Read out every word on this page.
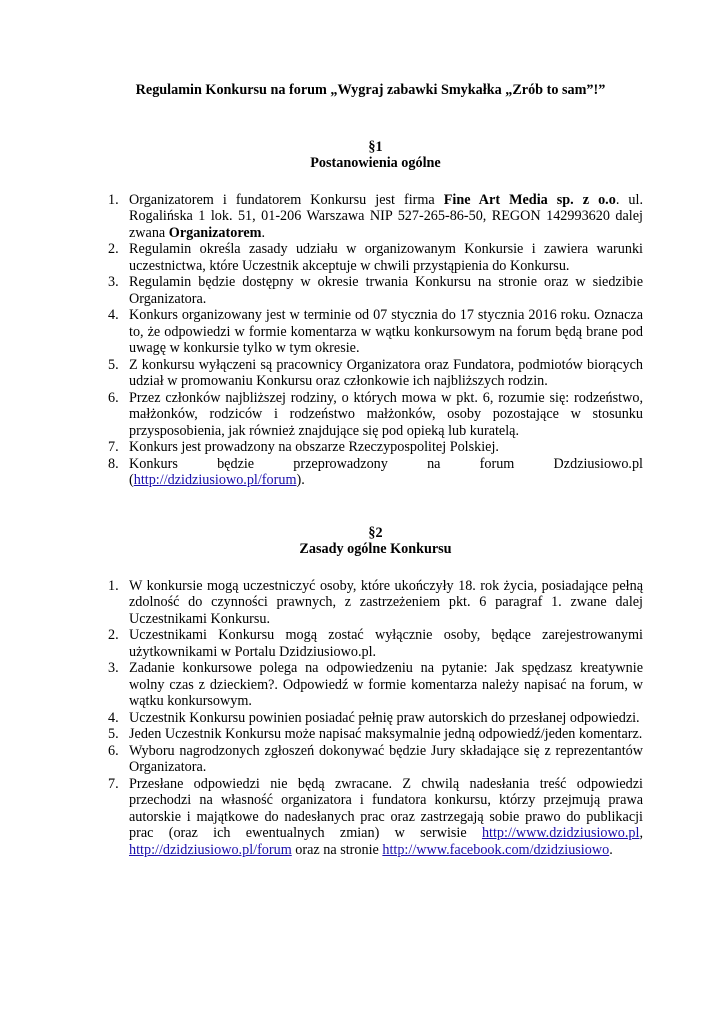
Regulamin Konkursu na forum „Wygraj zabawki Smykałka „Zrób to sam”!”
§1
Postanowienia ogólne
1. Organizatorem i fundatorem Konkursu jest firma Fine Art Media sp. z o.o. ul. Rogalińska 1 lok. 51, 01-206 Warszawa NIP 527-265-86-50, REGON 142993620 dalej zwana Organizatorem.
2. Regulamin określa zasady udziału w organizowanym Konkursie i zawiera warunki uczestnictwa, które Uczestnik akceptuje w chwili przystąpienia do Konkursu.
3. Regulamin będzie dostępny w okresie trwania Konkursu na stronie oraz w siedzibie Organizatora.
4. Konkurs organizowany jest w terminie od 07 stycznia do 17 stycznia 2016 roku. Oznacza to, że odpowiedzi w formie komentarza w wątku konkursowym na forum będą brane pod uwagę w konkursie tylko w tym okresie.
5. Z konkursu wyłączeni są pracownicy Organizatora oraz Fundatora, podmiotów biorących udział w promowaniu Konkursu oraz członkowie ich najbliższych rodzin.
6. Przez członków najbliższej rodziny, o których mowa w pkt. 6, rozumie się: rodzeństwo, małżonków, rodziców i rodzeństwo małżonków, osoby pozostające w stosunku przysposobienia, jak również znajdujące się pod opieką lub kuratelą.
7. Konkurs jest prowadzony na obszarze Rzeczypospolitej Polskiej.
8. Konkurs będzie przeprowadzony na forum Dzdziusiowo.pl
(http://dzidziusiowo.pl/forum).
§2
Zasady ogólne Konkursu
1. W konkursie mogą uczestniczyć osoby, które ukończyły 18. rok życia, posiadające pełną zdolność do czynności prawnych, z zastrzeżeniem pkt. 6 paragraf 1. zwane dalej Uczestnikami Konkursu.
2. Uczestnikami Konkursu mogą zostać wyłącznie osoby, będące zarejestrowanymi użytkownikami w Portalu Dzidziusiowo.pl.
3. Zadanie konkursowe polega na odpowiedzeniu na pytanie: Jak spędzasz kreatywnie wolny czas z dzieckiem?. Odpowiedź w formie komentarza należy napisać na forum, w wątku konkursowym.
4. Uczestnik Konkursu powinien posiadać pełnię praw autorskich do przesłanej odpowiedzi.
5. Jeden Uczestnik Konkursu może napisać maksymalnie jedną odpowiedź/jeden komentarz.
6. Wyboru nagrodzonych zgłoszeń dokonywać będzie Jury składające się z reprezentantów Organizatora.
7. Przesłane odpowiedzi nie będą zwracane. Z chwilą nadesłania treść odpowiedzi przechodzi na własność organizatora i fundatora konkursu, którzy przejmują prawa autorskie i majątkowe do nadesłanych prac oraz zastrzegają sobie prawo do publikacji prac (oraz ich ewentualnych zmian) w serwisie http://www.dzidziusiowo.pl, http://dzidziusiowo.pl/forum oraz na stronie http://www.facebook.com/dzidziusiowo.
